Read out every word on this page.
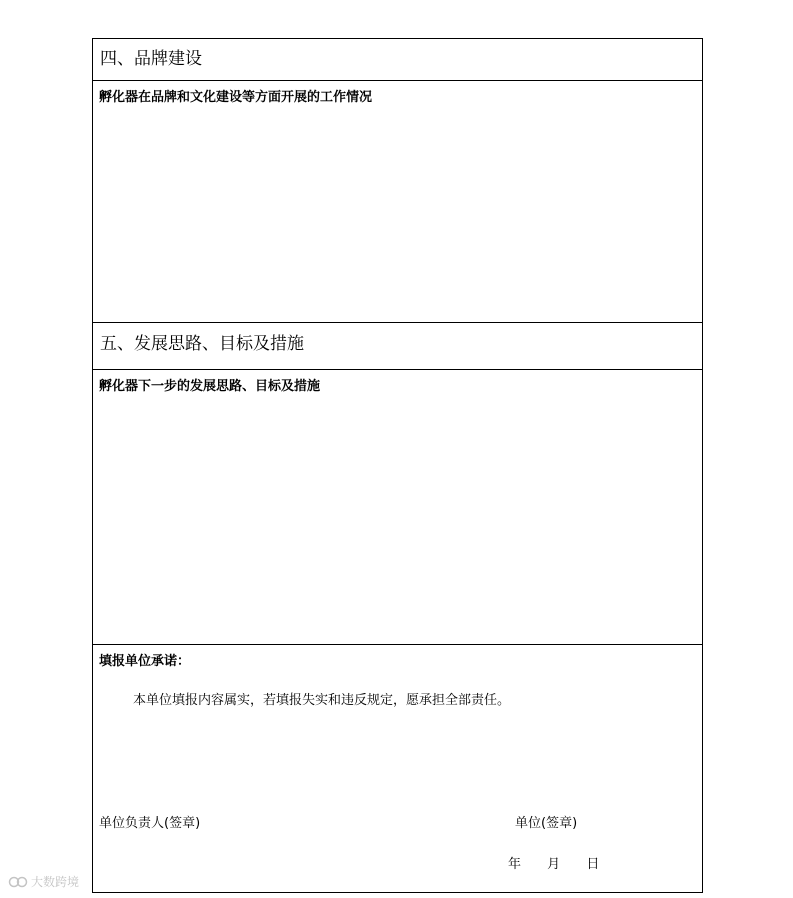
四、品牌建设
孵化器在品牌和文化建设等方面开展的工作情况
五、发展思路、目标及措施
孵化器下一步的发展思路、目标及措施
填报单位承诺：
本单位填报内容属实，若填报失实和违反规定，愿承担全部责任。
单位负责人(签章)	单位(签章)
年 月 日
大数跨境
